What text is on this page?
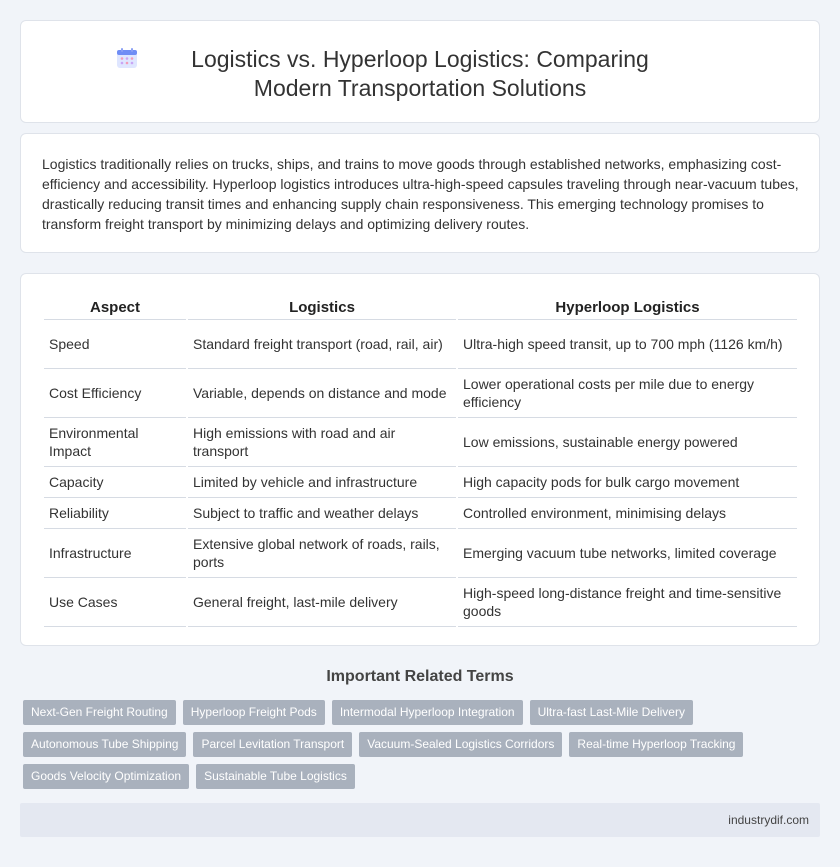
Logistics vs. Hyperloop Logistics: Comparing Modern Transportation Solutions

Logistics traditionally relies on trucks, ships, and trains to move goods through established networks, emphasizing cost-efficiency and accessibility. Hyperloop logistics introduces ultra-high-speed capsules traveling through near-vacuum tubes, drastically reducing transit times and enhancing supply chain responsiveness. This emerging technology promises to transform freight transport by minimizing delays and optimizing delivery routes.

Aspect	Logistics	Hyperloop Logistics
Speed	Standard freight transport (road, rail, air)	Ultra-high speed transit, up to 700 mph (1126 km/h)
Cost Efficiency	Variable, depends on distance and mode	Lower operational costs per mile due to energy efficiency
Environmental Impact	High emissions with road and air transport	Low emissions, sustainable energy powered
Capacity	Limited by vehicle and infrastructure	High capacity pods for bulk cargo movement
Reliability	Subject to traffic and weather delays	Controlled environment, minimising delays
Infrastructure	Extensive global network of roads, rails, ports	Emerging vacuum tube networks, limited coverage
Use Cases	General freight, last-mile delivery	High-speed long-distance freight and time-sensitive goods
Important Related Terms
Next-Gen Freight Routing	Hyperloop Freight Pods	Intermodal Hyperloop Integration	Ultra-fast Last-Mile Delivery
Autonomous Tube Shipping	Parcel Levitation Transport	Vacuum-Sealed Logistics Corridors	Real-time Hyperloop Tracking
Goods Velocity Optimization	Sustainable Tube Logistics
industrydif.com
